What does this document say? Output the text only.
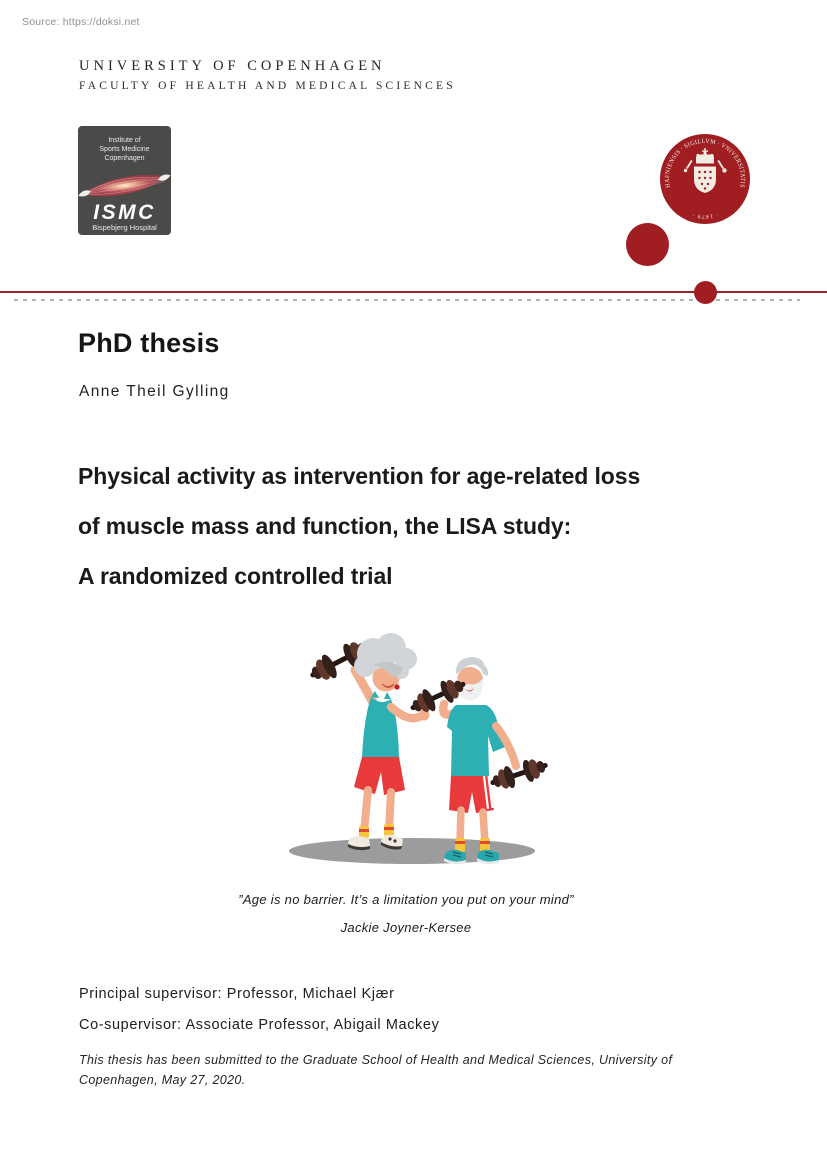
Source: https://doksi.net
UNIVERSITY OF COPENHAGEN
FACULTY OF HEALTH AND MEDICAL SCIENCES
Institute of
Sports Medicine
Copenhagen
ISMC
Bispebjerg Hospital
HAFNIENSIS ∙ SIGILLVM ∙ VNIVERSITATIS
∙ 1479 ∙
PhD thesis
Anne Theil Gylling
Physical activity as intervention for age-related loss
of muscle mass and function, the LISA study:
A randomized controlled trial
”Age is no barrier. It’s a limitation you put on your mind”
Jackie Joyner-Kersee
Principal supervisor: Professor, Michael Kjær
Co-supervisor: Associate Professor, Abigail Mackey
This thesis has been submitted to the Graduate School of Health and Medical Sciences, University of Copenhagen, May 27, 2020.
